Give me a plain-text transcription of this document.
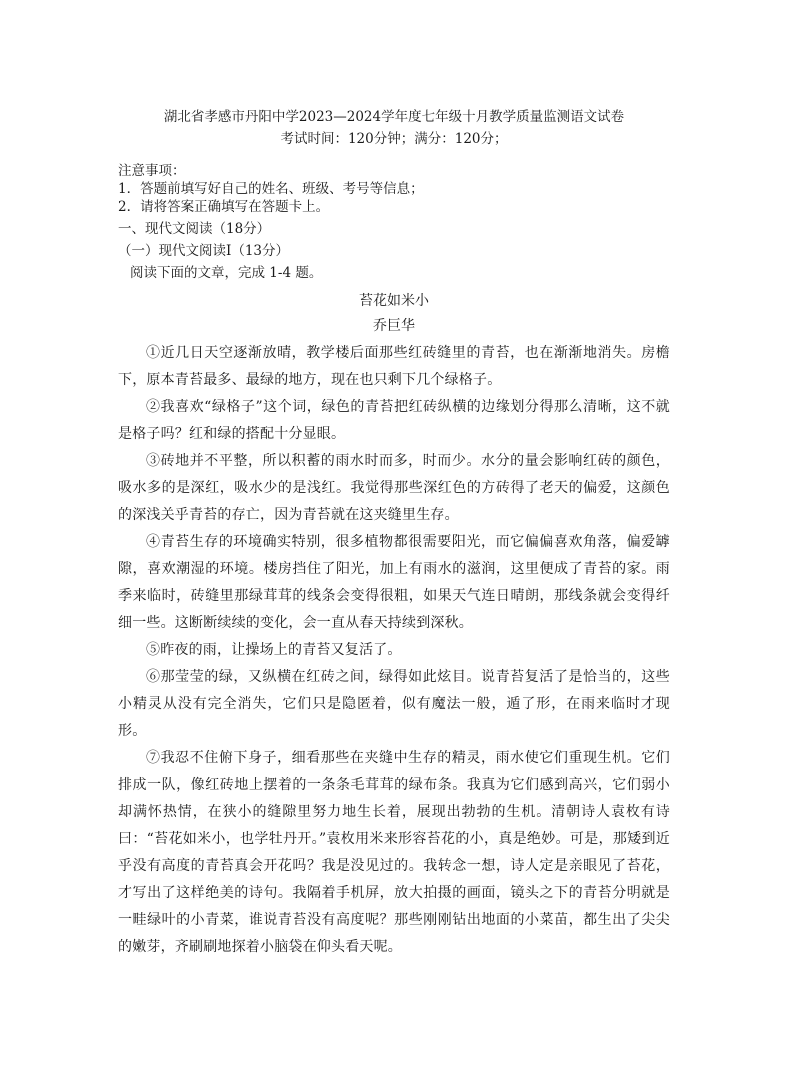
湖北省孝感市丹阳中学2023—2024学年度七年级十月教学质量监测语文试卷

考试时间：120分钟；满分：120分；

注意事项：

1．答题前填写好自己的姓名、班级、考号等信息；

2．请将答案正确填写在答题卡上。

一、现代文阅读（18分）

（一）现代文阅读Ⅰ（13分）

阅读下面的文章，完成 1-4 题。

苔花如米小

乔巨华

①近几日天空逐渐放晴，教学楼后面那些红砖缝里的青苔，也在渐渐地消失。房檐下，原本青苔最多、最绿的地方，现在也只剩下几个绿格子。

②我喜欢“绿格子”这个词，绿色的青苔把红砖纵横的边缘划分得那么清晰，这不就是格子吗？红和绿的搭配十分显眼。

③砖地并不平整，所以积蓄的雨水时而多，时而少。水分的量会影响红砖的颜色，吸水多的是深红，吸水少的是浅红。我觉得那些深红色的方砖得了老天的偏爱，这颜色的深浅关乎青苔的存亡，因为青苔就在这夹缝里生存。

④青苔生存的环境确实特别，很多植物都很需要阳光，而它偏偏喜欢角落，偏爱罅隙，喜欢潮湿的环境。楼房挡住了阳光，加上有雨水的滋润，这里便成了青苔的家。雨季来临时，砖缝里那绿茸茸的线条会变得很粗，如果天气连日晴朗，那线条就会变得纤细一些。这断断续续的变化，会一直从春天持续到深秋。

⑤昨夜的雨，让操场上的青苔又复活了。

⑥那莹莹的绿，又纵横在红砖之间，绿得如此炫目。说青苔复活了是恰当的，这些小精灵从没有完全消失，它们只是隐匿着，似有魔法一般，遁了形，在雨来临时才现形。

⑦我忍不住俯下身子，细看那些在夹缝中生存的精灵，雨水使它们重现生机。它们排成一队，像红砖地上摆着的一条条毛茸茸的绿布条。我真为它们感到高兴，它们弱小却满怀热情，在狭小的缝隙里努力地生长着，展现出勃勃的生机。清朝诗人袁枚有诗曰：“苔花如米小，也学牡丹开。”袁枚用米来形容苔花的小，真是绝妙。可是，那矮到近乎没有高度的青苔真会开花吗？我是没见过的。我转念一想，诗人定是亲眼见了苔花，才写出了这样绝美的诗句。我隔着手机屏，放大拍摄的画面，镜头之下的青苔分明就是一畦绿叶的小青菜，谁说青苔没有高度呢？那些刚刚钻出地面的小菜苗，都生出了尖尖的嫩芽，齐刷刷地探着小脑袋在仰头看天呢。
